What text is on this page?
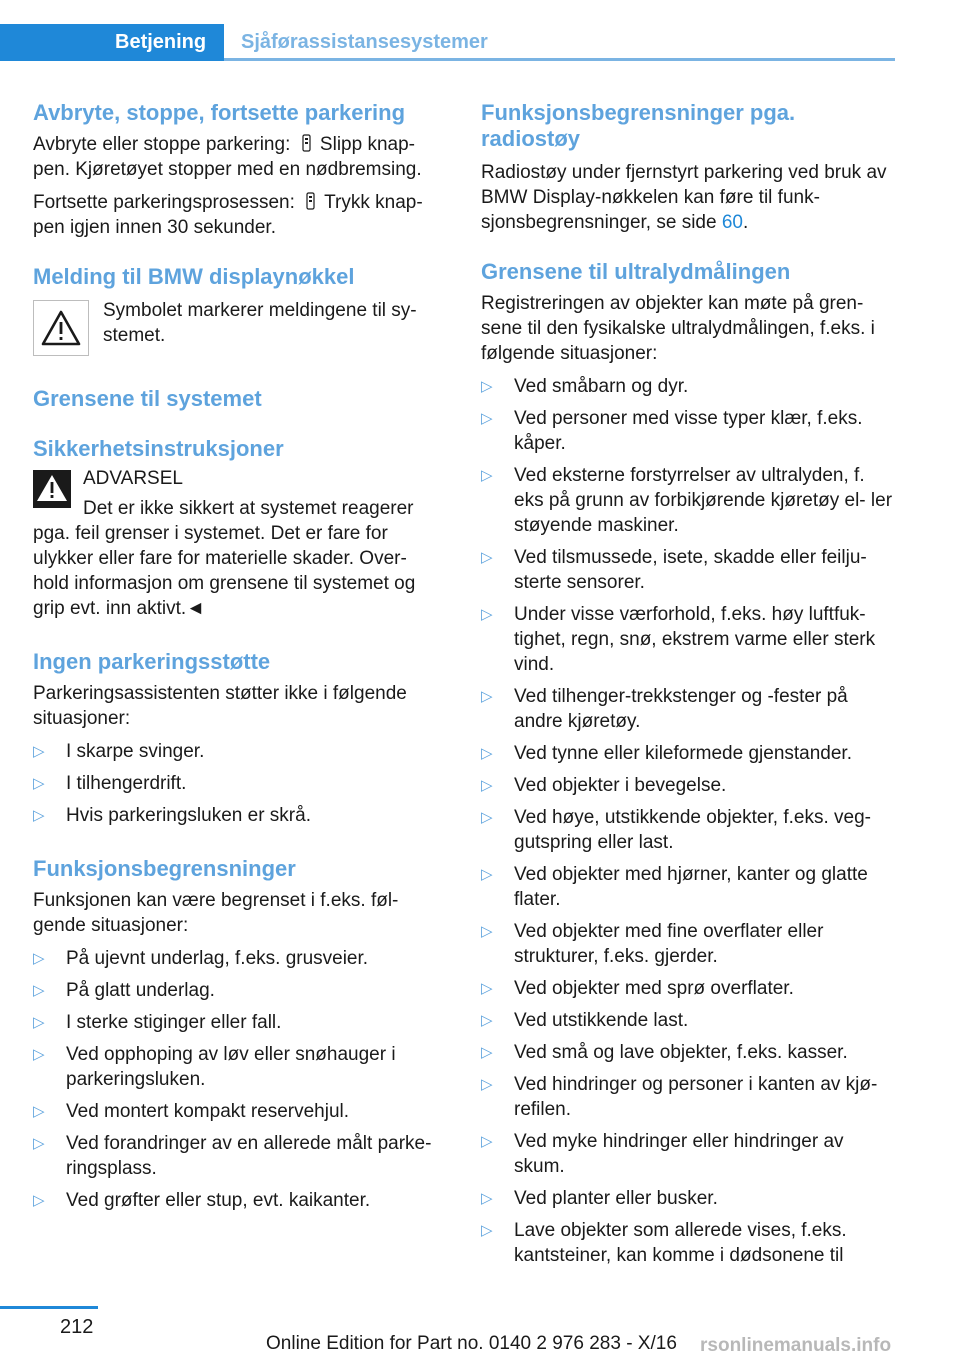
Betjening	Sjåførassistansesystemer
Avbryte, stoppe, fortsette parkering

Avbryte eller stoppe parkering: Slipp knap‐ pen. Kjøretøyet stopper med en nødbremsing.

Fortsette parkeringsprosessen: Trykk knap‐ pen igjen innen 30 sekunder.

Melding til BMW displaynøkkel

Symbolet markerer meldingene til sy‐ stemet.

Grensene til systemet
Sikkerhetsinstruksjoner

ADVARSEL

Det er ikke sikkert at systemet reagerer pga. feil grenser i systemet. Det er fare for ulykker eller fare for materielle skader. Over‐ hold informasjon om grensene til systemet og grip evt. inn aktivt.◄

Ingen parkeringsstøtte

Parkeringsassistenten støtter ikke i følgende situasjoner:

▷ I skarpe svinger.
▷ I tilhengerdrift.
▷ Hvis parkeringsluken er skrå.
Funksjonsbegrensninger

Funksjonen kan være begrenset i f.eks. føl‐ gende situasjoner:

▷ På ujevnt underlag, f.eks. grusveier.
▷ På glatt underlag.
▷ I sterke stiginger eller fall.
▷ Ved opphoping av løv eller snøhauger i parkeringsluken.
▷ Ved montert kompakt reservehjul.
▷ Ved forandringer av en allerede målt parke‐ ringsplass.
▷ Ved grøfter eller stup, evt. kaikanter.
Funksjonsbegrensninger pga. radiostøy

Radiostøy under fjernstyrt parkering ved bruk av BMW Display-nøkkelen kan føre til funk‐ sjonsbegrensninger, se side 60.

Grensene til ultralydmålingen

Registreringen av objekter kan møte på gren‐ sene til den fysikalske ultralydmålingen, f.eks. i følgende situasjoner:

▷ Ved småbarn og dyr.
▷ Ved personer med visse typer klær, f.eks. kåper.
▷ Ved eksterne forstyrrelser av ultralyden, f. eks på grunn av forbikjørende kjøretøy el‐ ler støyende maskiner.
▷ Ved tilsmussede, isete, skadde eller feilju‐ sterte sensorer.
▷ Under visse værforhold, f.eks. høy luftfuk‐ tighet, regn, snø, ekstrem varme eller sterk vind.
▷ Ved tilhenger-trekkstenger og -fester på andre kjøretøy.
▷ Ved tynne eller kileformede gjenstander.
▷ Ved objekter i bevegelse.
▷ Ved høye, utstikkende objekter, f.eks. veg‐ gutspring eller last.
▷ Ved objekter med hjørner, kanter og glatte flater.
▷ Ved objekter med fine overflater eller strukturer, f.eks. gjerder.
▷ Ved objekter med sprø overflater.
▷ Ved utstikkende last.
▷ Ved små og lave objekter, f.eks. kasser.
▷ Ved hindringer og personer i kanten av kjø‐ refilen.
▷ Ved myke hindringer eller hindringer av skum.
▷ Ved planter eller busker.
▷ Lave objekter som allerede vises, f.eks. kantsteiner, kan komme i dødsonene til
212
Online Edition for Part no. 0140 2 976 283 - X/16 rsonlinemanuals.info
